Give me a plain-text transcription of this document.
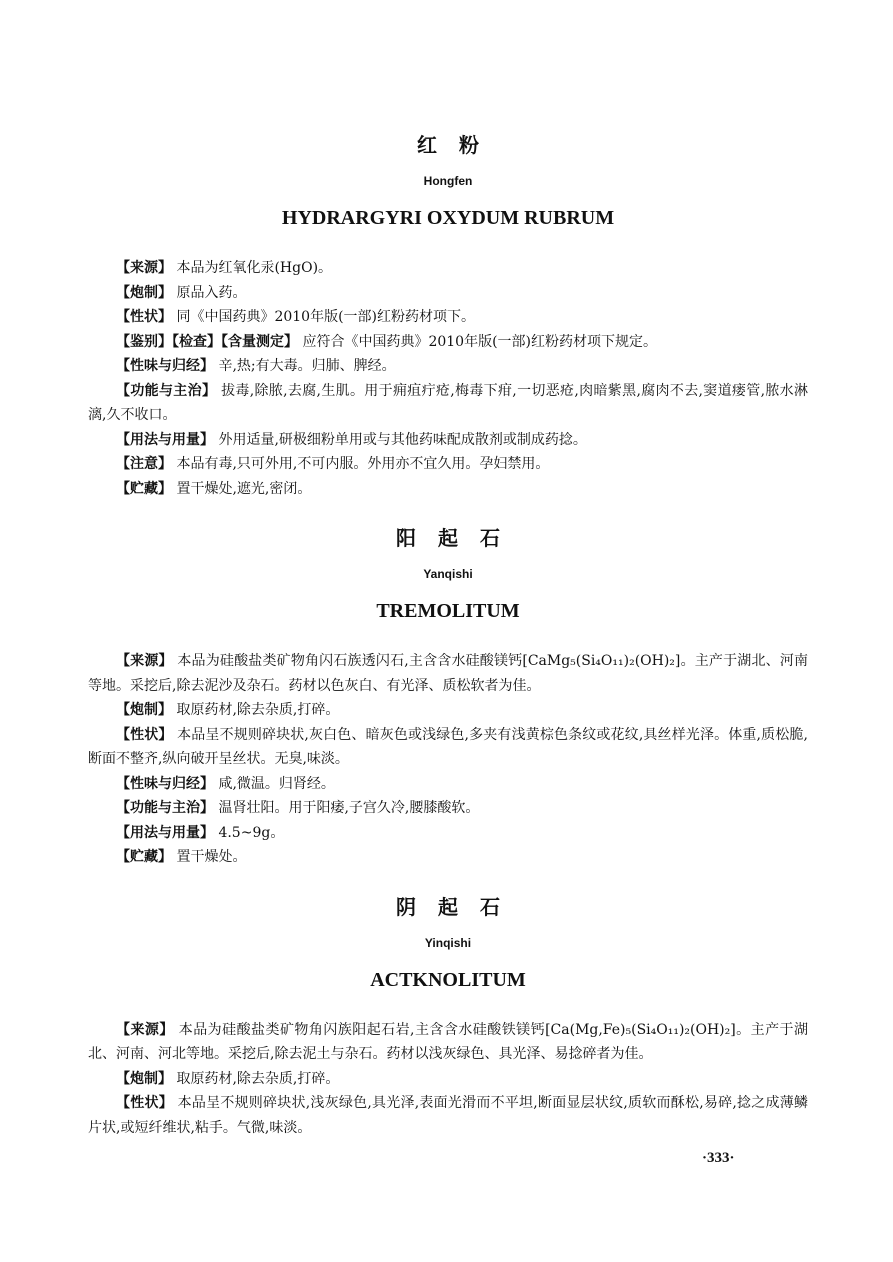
红粉
Hongfen
HYDRARGYRI OXYDUM RUBRUM

【来源】 本品为红氧化汞(HgO)。

【炮制】 原品入药。

【性状】 同《中国药典》2010年版(一部)红粉药材项下。

【鉴别】【检查】【含量测定】 应符合《中国药典》2010年版(一部)红粉药材项下规定。

【性味与归经】 辛,热;有大毒。归肺、脾经。

【功能与主治】 拔毒,除脓,去腐,生肌。用于痈疽疔疮,梅毒下疳,一切恶疮,肉暗紫黑,腐肉不去,窦道瘘管,脓水淋漓,久不收口。

【用法与用量】 外用适量,研极细粉单用或与其他药味配成散剂或制成药捻。

【注意】 本品有毒,只可外用,不可内服。外用亦不宜久用。孕妇禁用。

【贮藏】 置干燥处,遮光,密闭。

阳起石
Yanqishi
TREMOLITUM

【来源】 本品为硅酸盐类矿物角闪石族透闪石,主含含水硅酸镁钙[CaMg₅(Si₄O₁₁)₂(OH)₂]。主产于湖北、河南等地。采挖后,除去泥沙及杂石。药材以色灰白、有光泽、质松软者为佳。

【炮制】 取原药材,除去杂质,打碎。

【性状】 本品呈不规则碎块状,灰白色、暗灰色或浅绿色,多夹有浅黄棕色条纹或花纹,具丝样光泽。体重,质松脆,断面不整齐,纵向破开呈丝状。无臭,味淡。

【性味与归经】 咸,微温。归肾经。

【功能与主治】 温肾壮阳。用于阳痿,子宫久冷,腰膝酸软。

【用法与用量】 4.5~9g。

【贮藏】 置干燥处。

阴起石
Yinqishi
ACTKNOLITUM

【来源】 本品为硅酸盐类矿物角闪族阳起石岩,主含含水硅酸铁镁钙[Ca(Mg,Fe)₅(Si₄O₁₁)₂(OH)₂]。主产于湖北、河南、河北等地。采挖后,除去泥土与杂石。药材以浅灰绿色、具光泽、易捻碎者为佳。

【炮制】 取原药材,除去杂质,打碎。

【性状】 本品呈不规则碎块状,浅灰绿色,具光泽,表面光滑而不平坦,断面显层状纹,质软而酥松,易碎,捻之成薄鳞片状,或短纤维状,粘手。气微,味淡。

·333·
